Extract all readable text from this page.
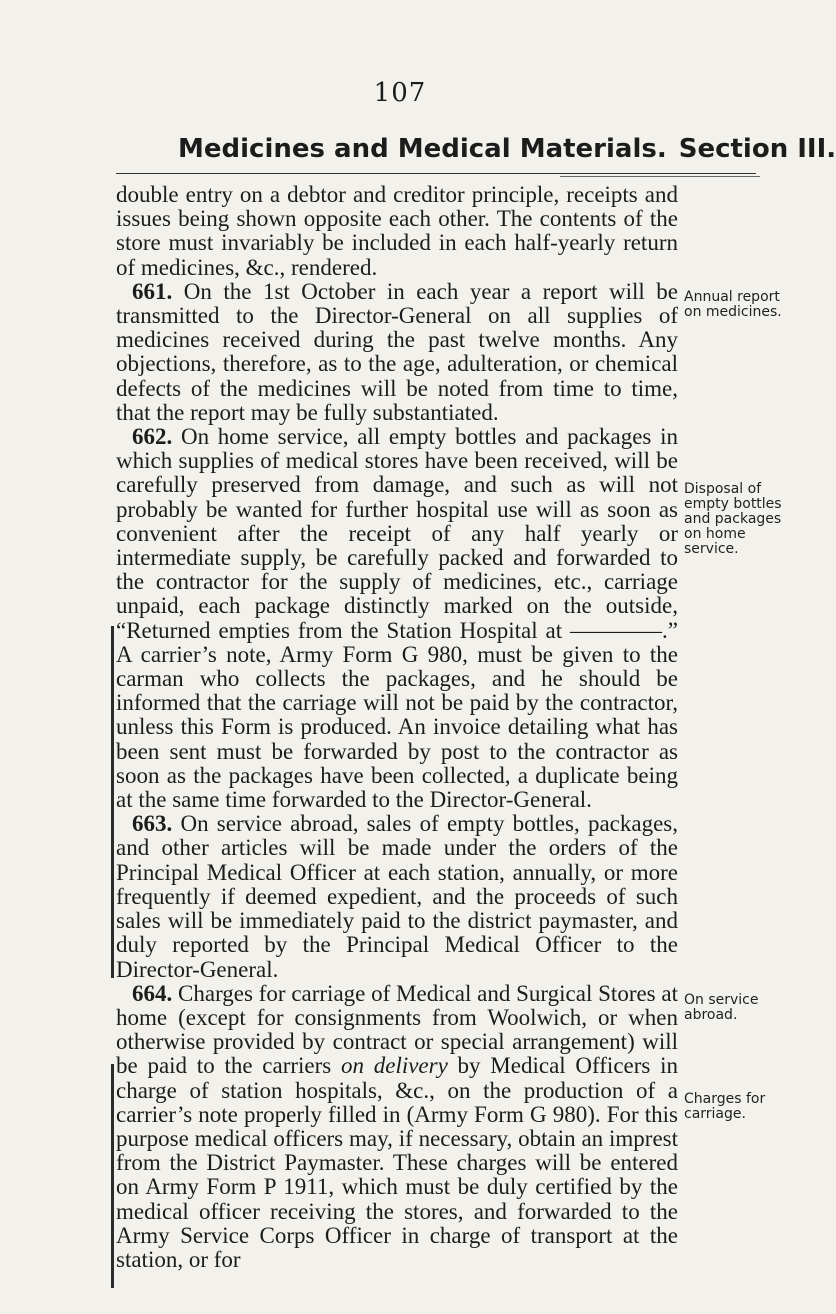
107
Medicines and Medical Materials. Section III.

double entry on a debtor and creditor principle, receipts and issues being shown opposite each other. The contents of the store must invariably be included in each half-yearly return of medicines, &c., rendered.

661. On the 1st October in each year a report will be transmitted to the Director-General on all supplies of medicines received during the past twelve months. Any objections, therefore, as to the age, adulteration, or chemical defects of the medicines will be noted from time to time, that the report may be fully substantiated.

662. On home service, all empty bottles and packages in which supplies of medical stores have been received, will be carefully preserved from damage, and such as will not probably be wanted for further hospital use will as soon as convenient after the receipt of any half yearly or intermediate supply, be carefully packed and forwarded to the contractor for the supply of medicines, etc., carriage unpaid, each package distinctly marked on the outside, “Returned empties from the Station Hospital at ————.” A carrier’s note, Army Form G 980, must be given to the carman who collects the packages, and he should be informed that the carriage will not be paid by the contractor, unless this Form is produced. An invoice detailing what has been sent must be forwarded by post to the contractor as soon as the packages have been collected, a duplicate being at the same time forwarded to the Director-General.

663. On service abroad, sales of empty bottles, packages, and other articles will be made under the orders of the Principal Medical Officer at each station, annually, or more frequently if deemed expedient, and the proceeds of such sales will be immediately paid to the district paymaster, and duly reported by the Principal Medical Officer to the Director-General.

664. Charges for carriage of Medical and Surgical Stores at home (except for consignments from Woolwich, or when otherwise provided by contract or special arrangement) will be paid to the carriers on delivery by Medical Officers in charge of station hospitals, &c., on the production of a carrier’s note properly filled in (Army Form G 980). For this purpose medical officers may, if necessary, obtain an imprest from the District Paymaster. These charges will be entered on Army Form P 1911, which must be duly certified by the medical officer receiving the stores, and forwarded to the Army Service Corps Officer in charge of transport at the station, or for

Annual report on medicines.
Disposal of empty bottles and packages on home service.
On service abroad.
Charges for carriage.
